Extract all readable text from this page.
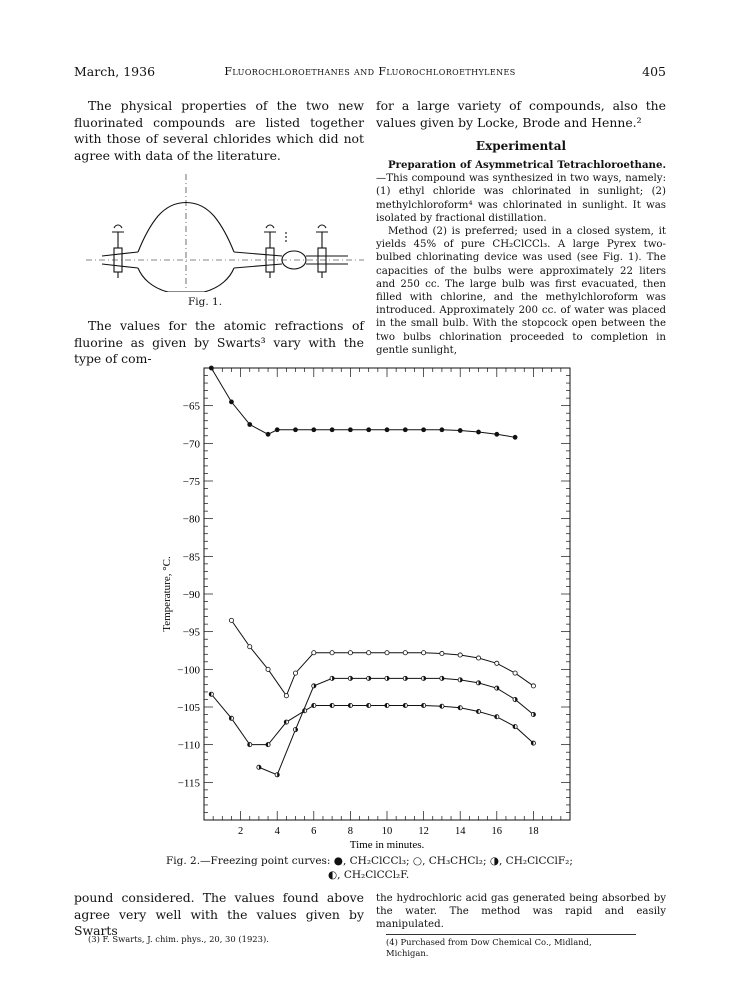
March, 1936	Fluorochloroethanes and Fluorochloroethylenes	405

The physical properties of the two new fluorinated compounds are listed together with those of several chlorides which did not agree with data of the literature.

Fig. 1.

The values for the atomic refractions of fluorine as given by Swarts³ vary with the type of com-

for a large variety of compounds, also the values given by Locke, Brode and Henne.²

Experimental

Preparation of Asymmetrical Tetrachloroethane.—This compound was synthesized in two ways, namely: (1) ethyl chloride was chlorinated in sunlight; (2) methylchloroform⁴ was chlorinated in sunlight. It was isolated by fractional distillation.

Method (2) is preferred; used in a closed system, it yields 45% of pure CH₂ClCCl₃. A large Pyrex two-bulbed chlorinating device was used (see Fig. 1). The capacities of the bulbs were approximately 22 liters and 250 cc. The large bulb was first evacuated, then filled with chlorine, and the methylchloroform was introduced. Approximately 200 cc. of water was placed in the small bulb. With the stopcock open between the two bulbs chlorination proceeded to completion in gentle sunlight,

−65
−70
−75
−80
−85
−90
−95
−100
−105
−110
−115
2	4	6	8	10 12 14 16 18
Time in minutes.
Temperature, °C.
Fig. 2.—Freezing point curves: ●, CH₂ClCCl₃; ○, CH₃CHCl₂; ◑, CH₂ClCClF₂;
◐, CH₂ClCCl₂F.

pound considered. The values found above agree very well with the values given by Swarts

the hydrochloric acid gas generated being absorbed by the water. The method was rapid and easily manipulated.

(3) F. Swarts, J. chim. phys., 20, 30 (1923).	(4) Purchased from Dow Chemical Co., Midland, Michigan.
